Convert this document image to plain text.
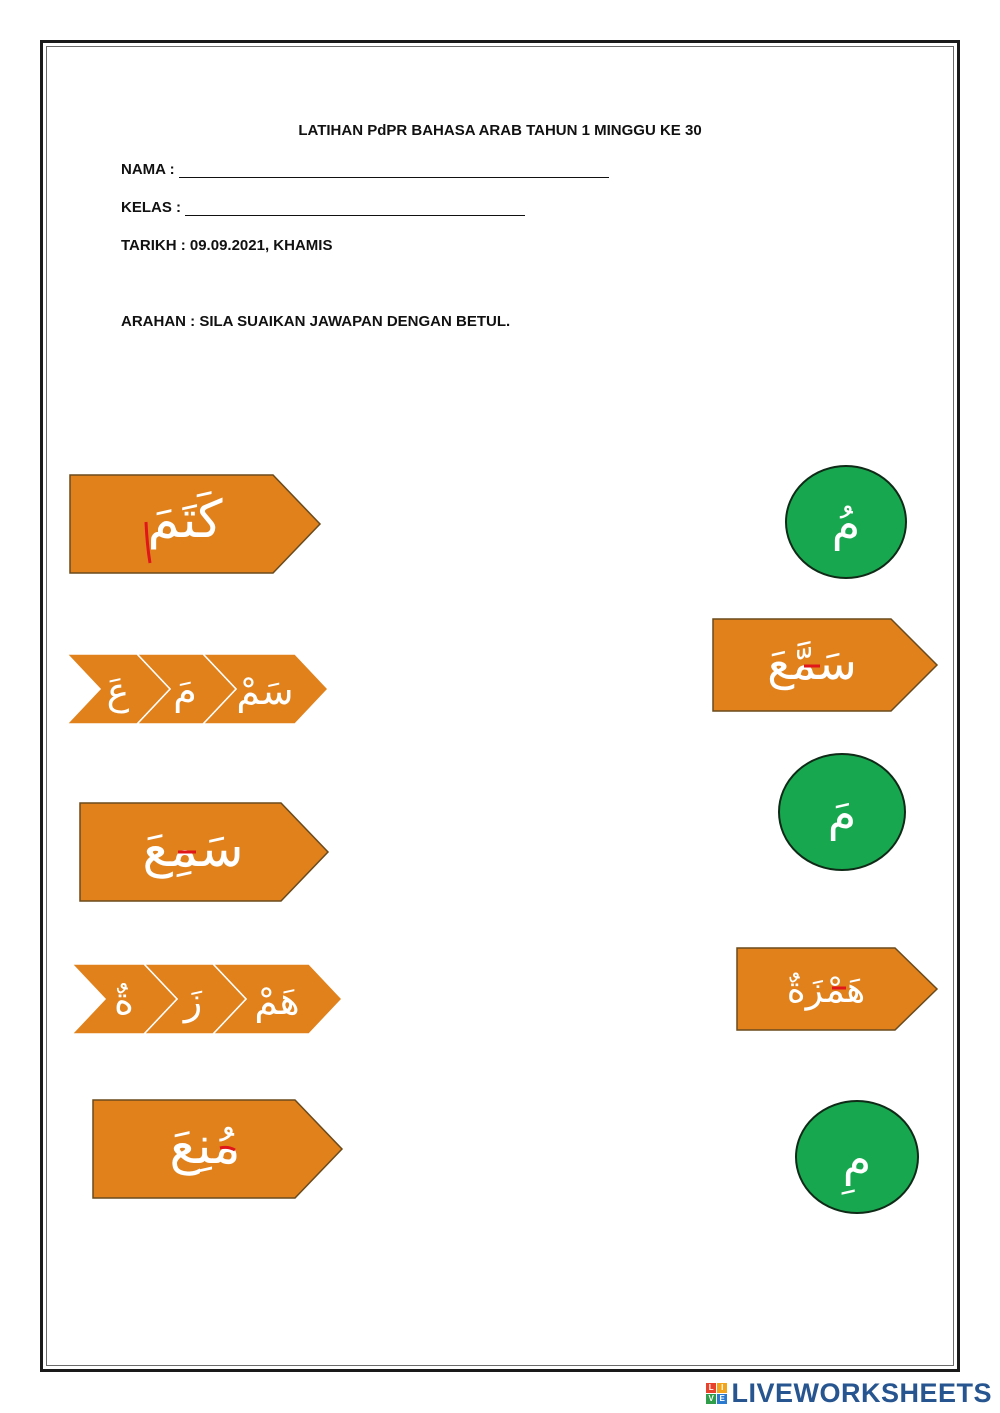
LATIHAN PdPR BAHASA ARAB TAHUN 1 MINGGU KE 30
NAMA :
KELAS :
TARIKH : 09.09.2021, KHAMIS
ARAHAN : SILA SUAIKAN JAWAPAN DENGAN BETUL.
كَتَمَ
سَمْ
مَ
عَ
سَمِعَ
هَمْ
زَ
ةٌ
مُنِعَ
مُ
سَمَّعَ
مَ
هَمْزَةٌ
مِ
L I
V E LIVEWORKSHEETS
